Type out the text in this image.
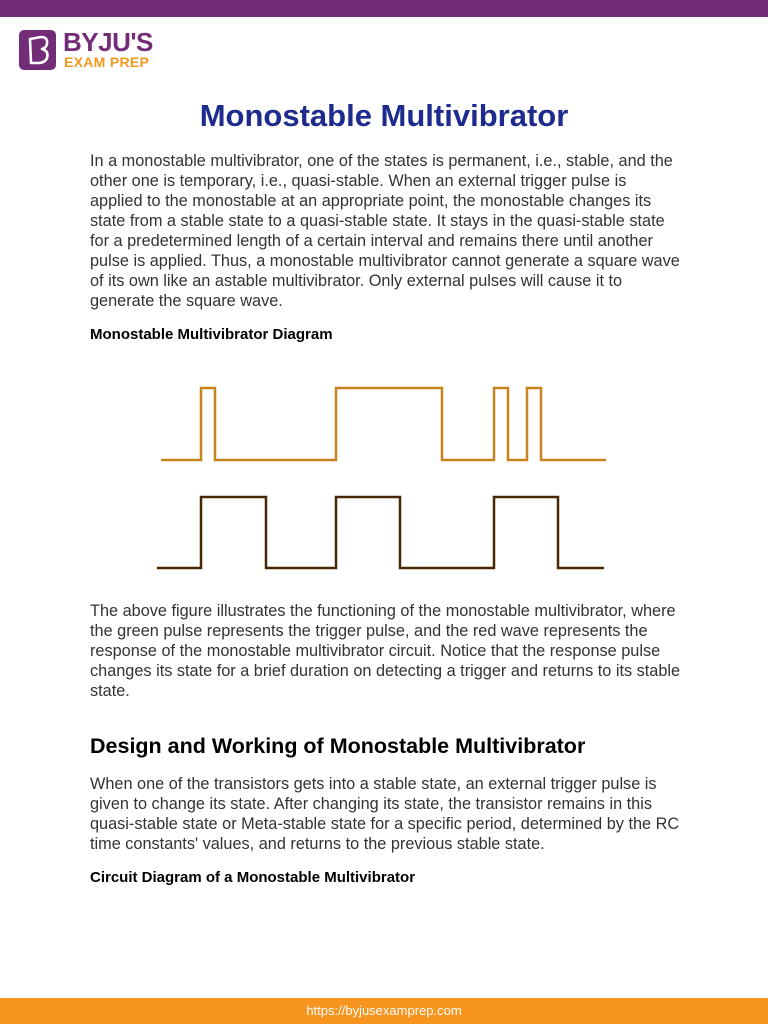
BYJU'S
EXAM PREP
Monostable Multivibrator

In a monostable multivibrator, one of the states is permanent, i.e., stable, and the other one is temporary, i.e., quasi-stable. When an external trigger pulse is applied to the monostable at an appropriate point, the monostable changes its state from a stable state to a quasi-stable state. It stays in the quasi-stable state for a predetermined length of a certain interval and remains there until another pulse is applied. Thus, a monostable multivibrator cannot generate a square wave of its own like an astable multivibrator. Only external pulses will cause it to generate the square wave.

Monostable Multivibrator Diagram

The above figure illustrates the functioning of the monostable multivibrator, where the green pulse represents the trigger pulse, and the red wave represents the response of the monostable multivibrator circuit. Notice that the response pulse changes its state for a brief duration on detecting a trigger and returns to its stable state.

Design and Working of Monostable Multivibrator

When one of the transistors gets into a stable state, an external trigger pulse is given to change its state. After changing its state, the transistor remains in this quasi-stable state or Meta-stable state for a specific period, determined by the RC time constants' values, and returns to the previous stable state.

Circuit Diagram of a Monostable Multivibrator
https://byjusexamprep.com
